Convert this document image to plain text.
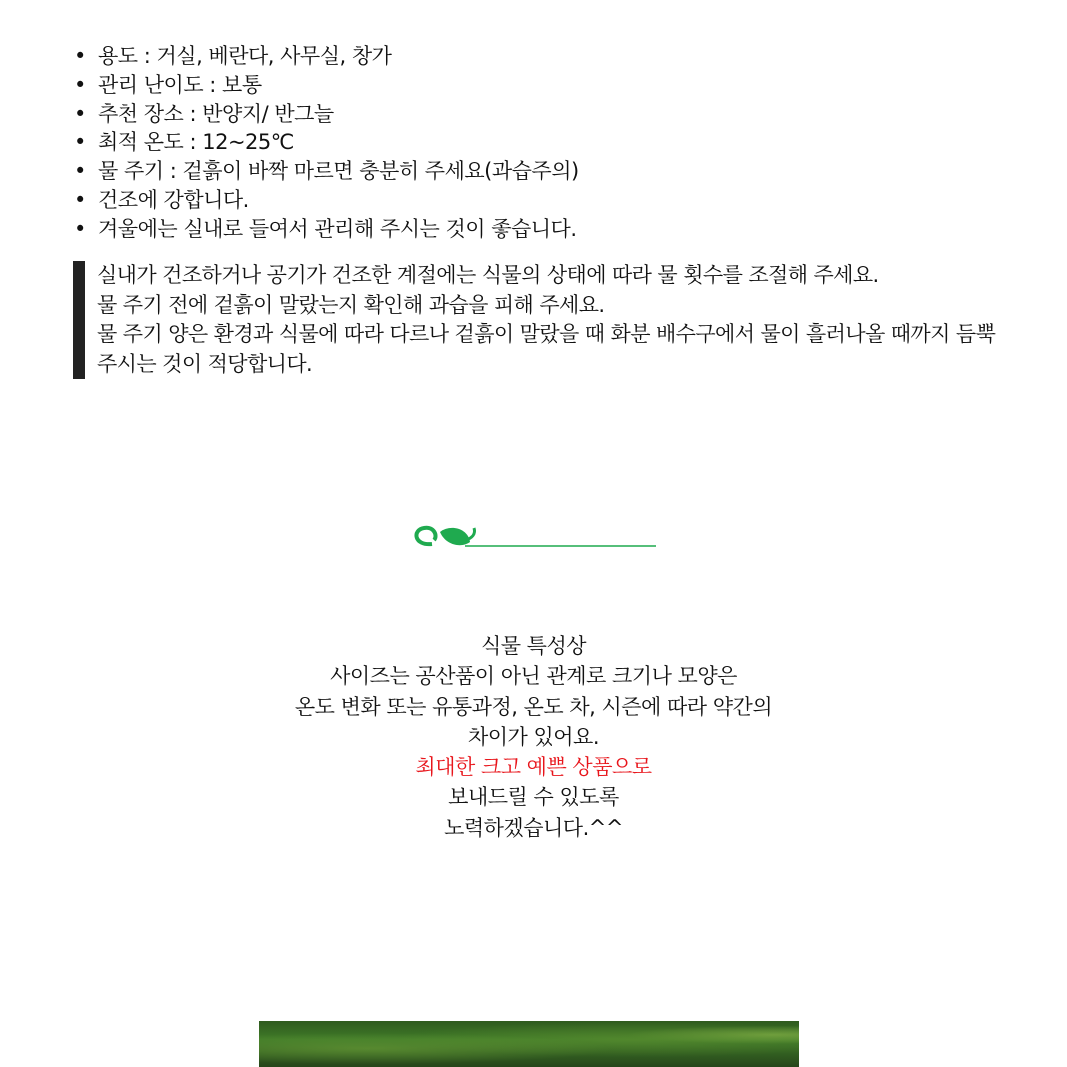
• 용도 : 거실, 베란다, 사무실, 창가
• 관리 난이도 : 보통
• 추천 장소 : 반양지/ 반그늘
• 최적 온도 : 12~25℃
• 물 주기 : 겉흙이 바짝 마르면 충분히 주세요(과습주의)
• 건조에 강합니다.
• 겨울에는 실내로 들여서 관리해 주시는 것이 좋습니다.
실내가 건조하거나 공기가 건조한 계절에는 식물의 상태에 따라 물 횟수를 조절해 주세요.
물 주기 전에 겉흙이 말랐는지 확인해 과습을 피해 주세요.
물 주기 양은 환경과 식물에 따라 다르나 겉흙이 말랐을 때 화분 배수구에서 물이 흘러나올 때까지 듬뿍
주시는 것이 적당합니다.
식물 특성상
사이즈는 공산품이 아닌 관계로 크기나 모양은
온도 변화 또는 유통과정, 온도 차, 시즌에 따라 약간의
차이가 있어요.
최대한 크고 예쁜 상품으로
보내드릴 수 있도록
노력하겠습니다.^^
